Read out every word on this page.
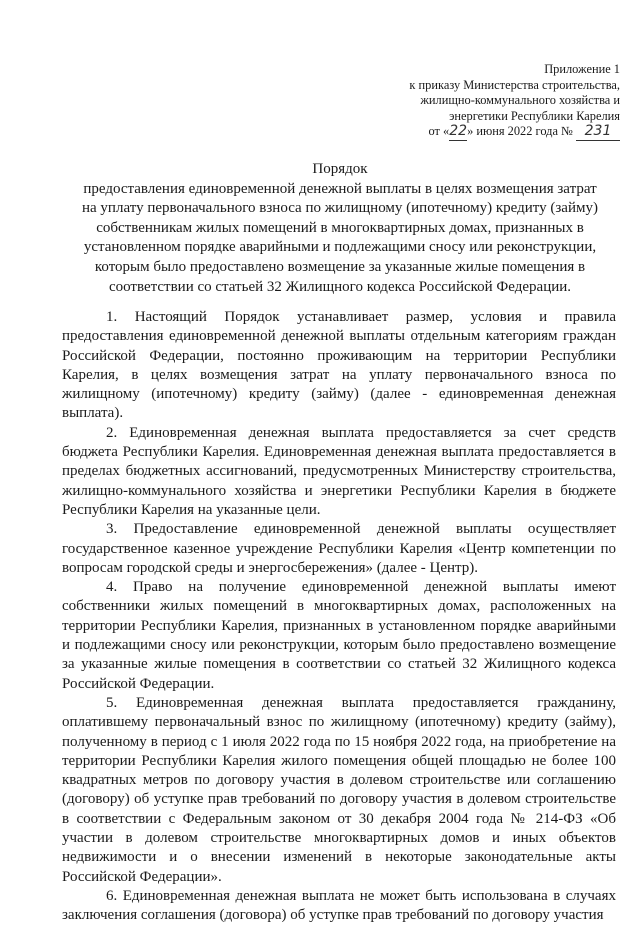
Приложение 1
к приказу Министерства строительства,
жилищно-коммунального хозяйства и
энергетики Республики Карелия
от «22» июня 2022 года № 231
Порядок
предоставления единовременной денежной выплаты в целях возмещения затрат
на уплату первоначального взноса по жилищному (ипотечному) кредиту (займу)
собственникам жилых помещений в многоквартирных домах, признанных в
установленном порядке аварийными и подлежащими сносу или реконструкции,
которым было предоставлено возмещение за указанные жилые помещения в
соответствии со статьей 32 Жилищного кодекса Российской Федерации.

1. Настоящий Порядок устанавливает размер, условия и правила предоставления единовременной денежной выплаты отдельным категориям граждан Российской Федерации, постоянно проживающим на территории Республики Карелия, в целях возмещения затрат на уплату первоначального взноса по жилищному (ипотечному) кредиту (займу) (далее - единовременная денежная выплата).

2. Единовременная денежная выплата предоставляется за счет средств бюджета Республики Карелия. Единовременная денежная выплата предоставляется в пределах бюджетных ассигнований, предусмотренных Министерству строительства, жилищно-коммунального хозяйства и энергетики Республики Карелия в бюджете Республики Карелия на указанные цели.

3. Предоставление единовременной денежной выплаты осуществляет государственное казенное учреждение Республики Карелия «Центр компетенции по вопросам городской среды и энергосбережения» (далее - Центр).

4. Право на получение единовременной денежной выплаты имеют собственники жилых помещений в многоквартирных домах, расположенных на территории Республики Карелия, признанных в установленном порядке аварийными и подлежащими сносу или реконструкции, которым было предоставлено возмещение за указанные жилые помещения в соответствии со статьей 32 Жилищного кодекса Российской Федерации.

5. Единовременная денежная выплата предоставляется гражданину, оплатившему первоначальный взнос по жилищному (ипотечному) кредиту (займу), полученному в период с 1 июля 2022 года по 15 ноября 2022 года, на приобретение на территории Республики Карелия жилого помещения общей площадью не более 100 квадратных метров по договору участия в долевом строительстве или соглашению (договору) об уступке прав требований по договору участия в долевом строительстве в соответствии с Федеральным законом от 30 декабря 2004 года № 214-ФЗ «Об участии в долевом строительстве многоквартирных домов и иных объектов недвижимости и о внесении изменений в некоторые законодательные акты Российской Федерации».

6. Единовременная денежная выплата не может быть использована в случаях заключения соглашения (договора) об уступке прав требований по договору участия
